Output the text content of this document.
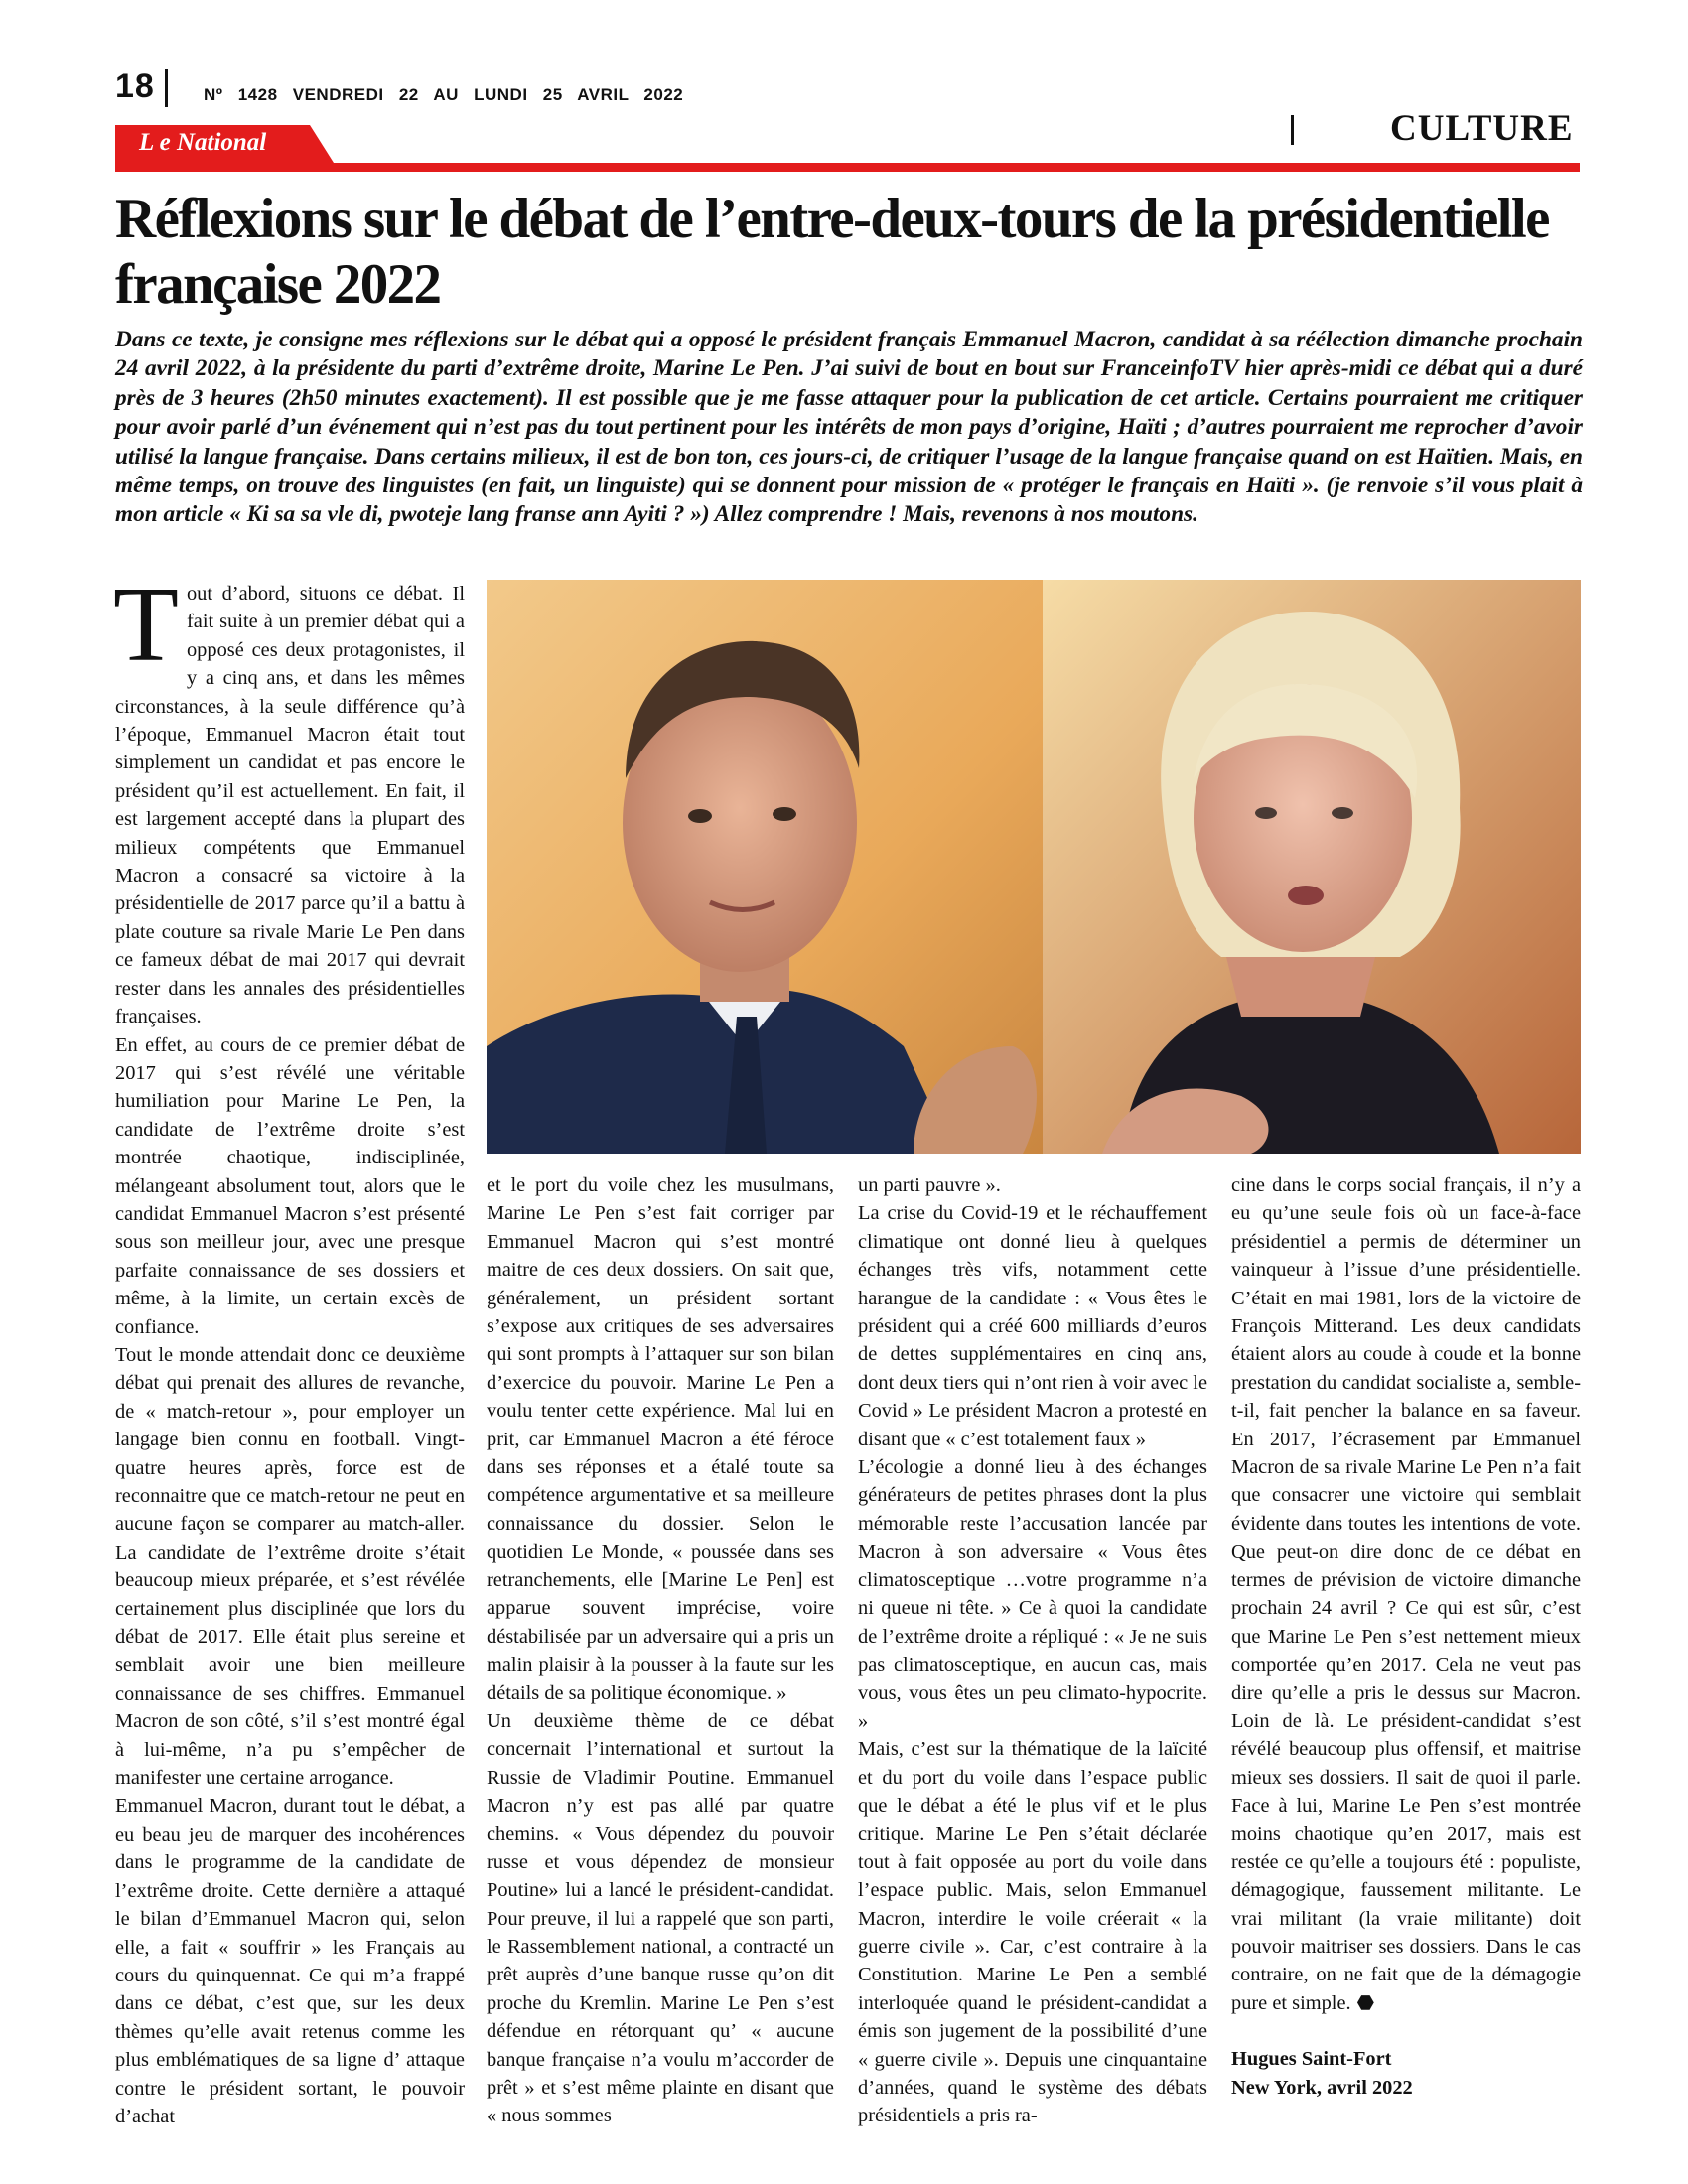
18	Nº 1428 VENDREDI 22 AU LUNDI 25 AVRIL 2022
CULTURE
L e National
Réflexions sur le débat de l’entre-deux-tours de la présidentielle française 2022

Dans ce texte, je consigne mes réflexions sur le débat qui a opposé le président français Emmanuel Macron, candidat à sa réélection dimanche prochain 24 avril 2022, à la présidente du parti d’extrême droite, Marine Le Pen. J’ai suivi de bout en bout sur FranceinfoTV hier après-midi ce débat qui a duré près de 3 heures (2h50 minutes exactement). Il est possible que je me fasse attaquer pour la publication de cet article. Certains pourraient me critiquer pour avoir parlé d’un événement qui n’est pas du tout pertinent pour les intérêts de mon pays d’origine, Haïti ; d’autres pourraient me reprocher d’avoir utilisé la langue française. Dans certains milieux, il est de bon ton, ces jours-ci, de critiquer l’usage de la langue française quand on est Haïtien. Mais, en même temps, on trouve des linguistes (en fait, un linguiste) qui se donnent pour mission de « protéger le français en Haïti ». (je renvoie s’il vous plait à mon article « Ki sa sa vle di, pwoteje lang franse ann Ayiti ? ») Allez comprendre ! Mais, revenons à nos moutons.

Tout d’abord, situons ce débat. Il fait suite à un premier débat qui a opposé ces deux protagonistes, il y a cinq ans, et dans les mêmes circonstances, à la seule différence qu’à l’époque, Emmanuel Macron était tout simplement un candidat et pas encore le président qu’il est actuellement. En fait, il est largement accepté dans la plupart des milieux compétents que Emmanuel Macron a consacré sa victoire à la présidentielle de 2017 parce qu’il a battu à plate couture sa rivale Marie Le Pen dans ce fameux débat de mai 2017 qui devrait rester dans les annales des présidentielles françaises.

En effet, au cours de ce premier débat de 2017 qui s’est révélé une véritable humiliation pour Marine Le Pen, la candidate de l’extrême droite s’est montrée chaotique, indisciplinée, mélangeant absolument tout, alors que le candidat Emmanuel Macron s’est présenté sous son meilleur jour, avec une presque parfaite connaissance de ses dossiers et même, à la limite, un certain excès de confiance.

Tout le monde attendait donc ce deuxième débat qui prenait des allures de revanche, de « match-retour », pour employer un langage bien connu en football. Vingt-quatre heures après, force est de reconnaitre que ce match-retour ne peut en aucune façon se comparer au match-aller. La candidate de l’extrême droite s’était beaucoup mieux préparée, et s’est révélée certainement plus disciplinée que lors du débat de 2017. Elle était plus sereine et semblait avoir une bien meilleure connaissance de ses chiffres. Emmanuel Macron de son côté, s’il s’est montré égal à lui-même, n’a pu s’empêcher de manifester une certaine arrogance.

Emmanuel Macron, durant tout le débat, a eu beau jeu de marquer des incohérences dans le programme de la candidate de l’extrême droite. Cette dernière a attaqué le bilan d’Emmanuel Macron qui, selon elle, a fait « souffrir » les Français au cours du quinquennat. Ce qui m’a frappé dans ce débat, c’est que, sur les deux thèmes qu’elle avait retenus comme les plus emblématiques de sa ligne d’ attaque contre le président sortant, le pouvoir d’achat

et le port du voile chez les musulmans, Marine Le Pen s’est fait corriger par Emmanuel Macron qui s’est montré maitre de ces deux dossiers. On sait que, généralement, un président sortant s’expose aux critiques de ses adversaires qui sont prompts à l’attaquer sur son bilan d’exercice du pouvoir. Marine Le Pen a voulu tenter cette expérience. Mal lui en prit, car Emmanuel Macron a été féroce dans ses réponses et a étalé toute sa compétence argumentative et sa meilleure connaissance du dossier. Selon le quotidien Le Monde, « poussée dans ses retranchements, elle [Marine Le Pen] est apparue souvent imprécise, voire déstabilisée par un adversaire qui a pris un malin plaisir à la pousser à la faute sur les détails de sa politique économique. »

Un deuxième thème de ce débat concernait l’international et surtout la Russie de Vladimir Poutine. Emmanuel Macron n’y est pas allé par quatre chemins. « Vous dépendez du pouvoir russe et vous dépendez de monsieur Poutine» lui a lancé le président-candidat. Pour preuve, il lui a rappelé que son parti, le Rassemblement national, a contracté un prêt auprès d’une banque russe qu’on dit proche du Kremlin. Marine Le Pen s’est défendue en rétorquant qu’ « aucune banque française n’a voulu m’accorder de prêt » et s’est même plainte en disant que « nous sommes

un parti pauvre ».

La crise du Covid-19 et le réchauffement climatique ont donné lieu à quelques échanges très vifs, notamment cette harangue de la candidate : « Vous êtes le président qui a créé 600 milliards d’euros de dettes supplémentaires en cinq ans, dont deux tiers qui n’ont rien à voir avec le Covid » Le président Macron a protesté en disant que « c’est totalement faux »

L’écologie a donné lieu à des échanges générateurs de petites phrases dont la plus mémorable reste l’accusation lancée par Macron à son adversaire « Vous êtes climatosceptique …votre programme n’a ni queue ni tête. » Ce à quoi la candidate de l’extrême droite a répliqué : « Je ne suis pas climatosceptique, en aucun cas, mais vous, vous êtes un peu climato-hypocrite. »

Mais, c’est sur la thématique de la laïcité et du port du voile dans l’espace public que le débat a été le plus vif et le plus critique. Marine Le Pen s’était déclarée tout à fait opposée au port du voile dans l’espace public. Mais, selon Emmanuel Macron, interdire le voile créerait « la guerre civile ». Car, c’est contraire à la Constitution. Marine Le Pen a semblé interloquée quand le président-candidat a émis son jugement de la possibilité d’une « guerre civile ». Depuis une cinquantaine d’années, quand le système des débats présidentiels a pris ra-

cine dans le corps social français, il n’y a eu qu’une seule fois où un face-à-face présidentiel a permis de déterminer un vainqueur à l’issue d’une présidentielle. C’était en mai 1981, lors de la victoire de François Mitterand. Les deux candidats étaient alors au coude à coude et la bonne prestation du candidat socialiste a, semble-t-il, fait pencher la balance en sa faveur. En 2017, l’écrasement par Emmanuel Macron de sa rivale Marine Le Pen n’a fait que consacrer une victoire qui semblait évidente dans toutes les intentions de vote. Que peut-on dire donc de ce débat en termes de prévision de victoire dimanche prochain 24 avril ? Ce qui est sûr, c’est que Marine Le Pen s’est nettement mieux comportée qu’en 2017. Cela ne veut pas dire qu’elle a pris le dessus sur Macron. Loin de là. Le président-candidat s’est révélé beaucoup plus offensif, et maitrise mieux ses dossiers. Il sait de quoi il parle. Face à lui, Marine Le Pen s’est montrée moins chaotique qu’en 2017, mais est restée ce qu’elle a toujours été : populiste, démagogique, faussement militante. Le vrai militant (la vraie militante) doit pouvoir maitriser ses dossiers. Dans le cas contraire, on ne fait que de la démagogie pure et simple. ⬣

Hugues Saint-Fort

New York, avril 2022
